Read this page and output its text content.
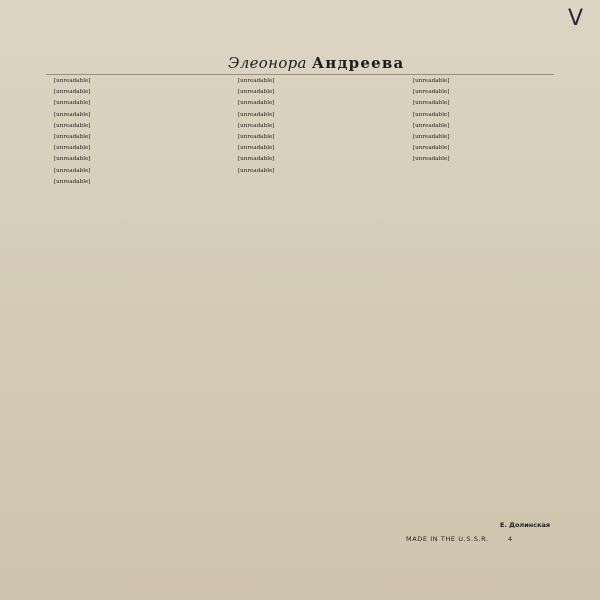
V
Элеонора Андреева

[unreadable]

[unreadable]

[unreadable]

[unreadable]

[unreadable]

[unreadable]

[unreadable]

[unreadable]

[unreadable]

[unreadable]

[unreadable]

[unreadable]

[unreadable]

[unreadable]

[unreadable]

[unreadable]

[unreadable]

[unreadable]

[unreadable]

[unreadable]

[unreadable]

[unreadable]

[unreadable]

[unreadable]

[unreadable]

[unreadable]

[unreadable]

Е. Долинская
MADE IN THE U.S.S.R.	4
